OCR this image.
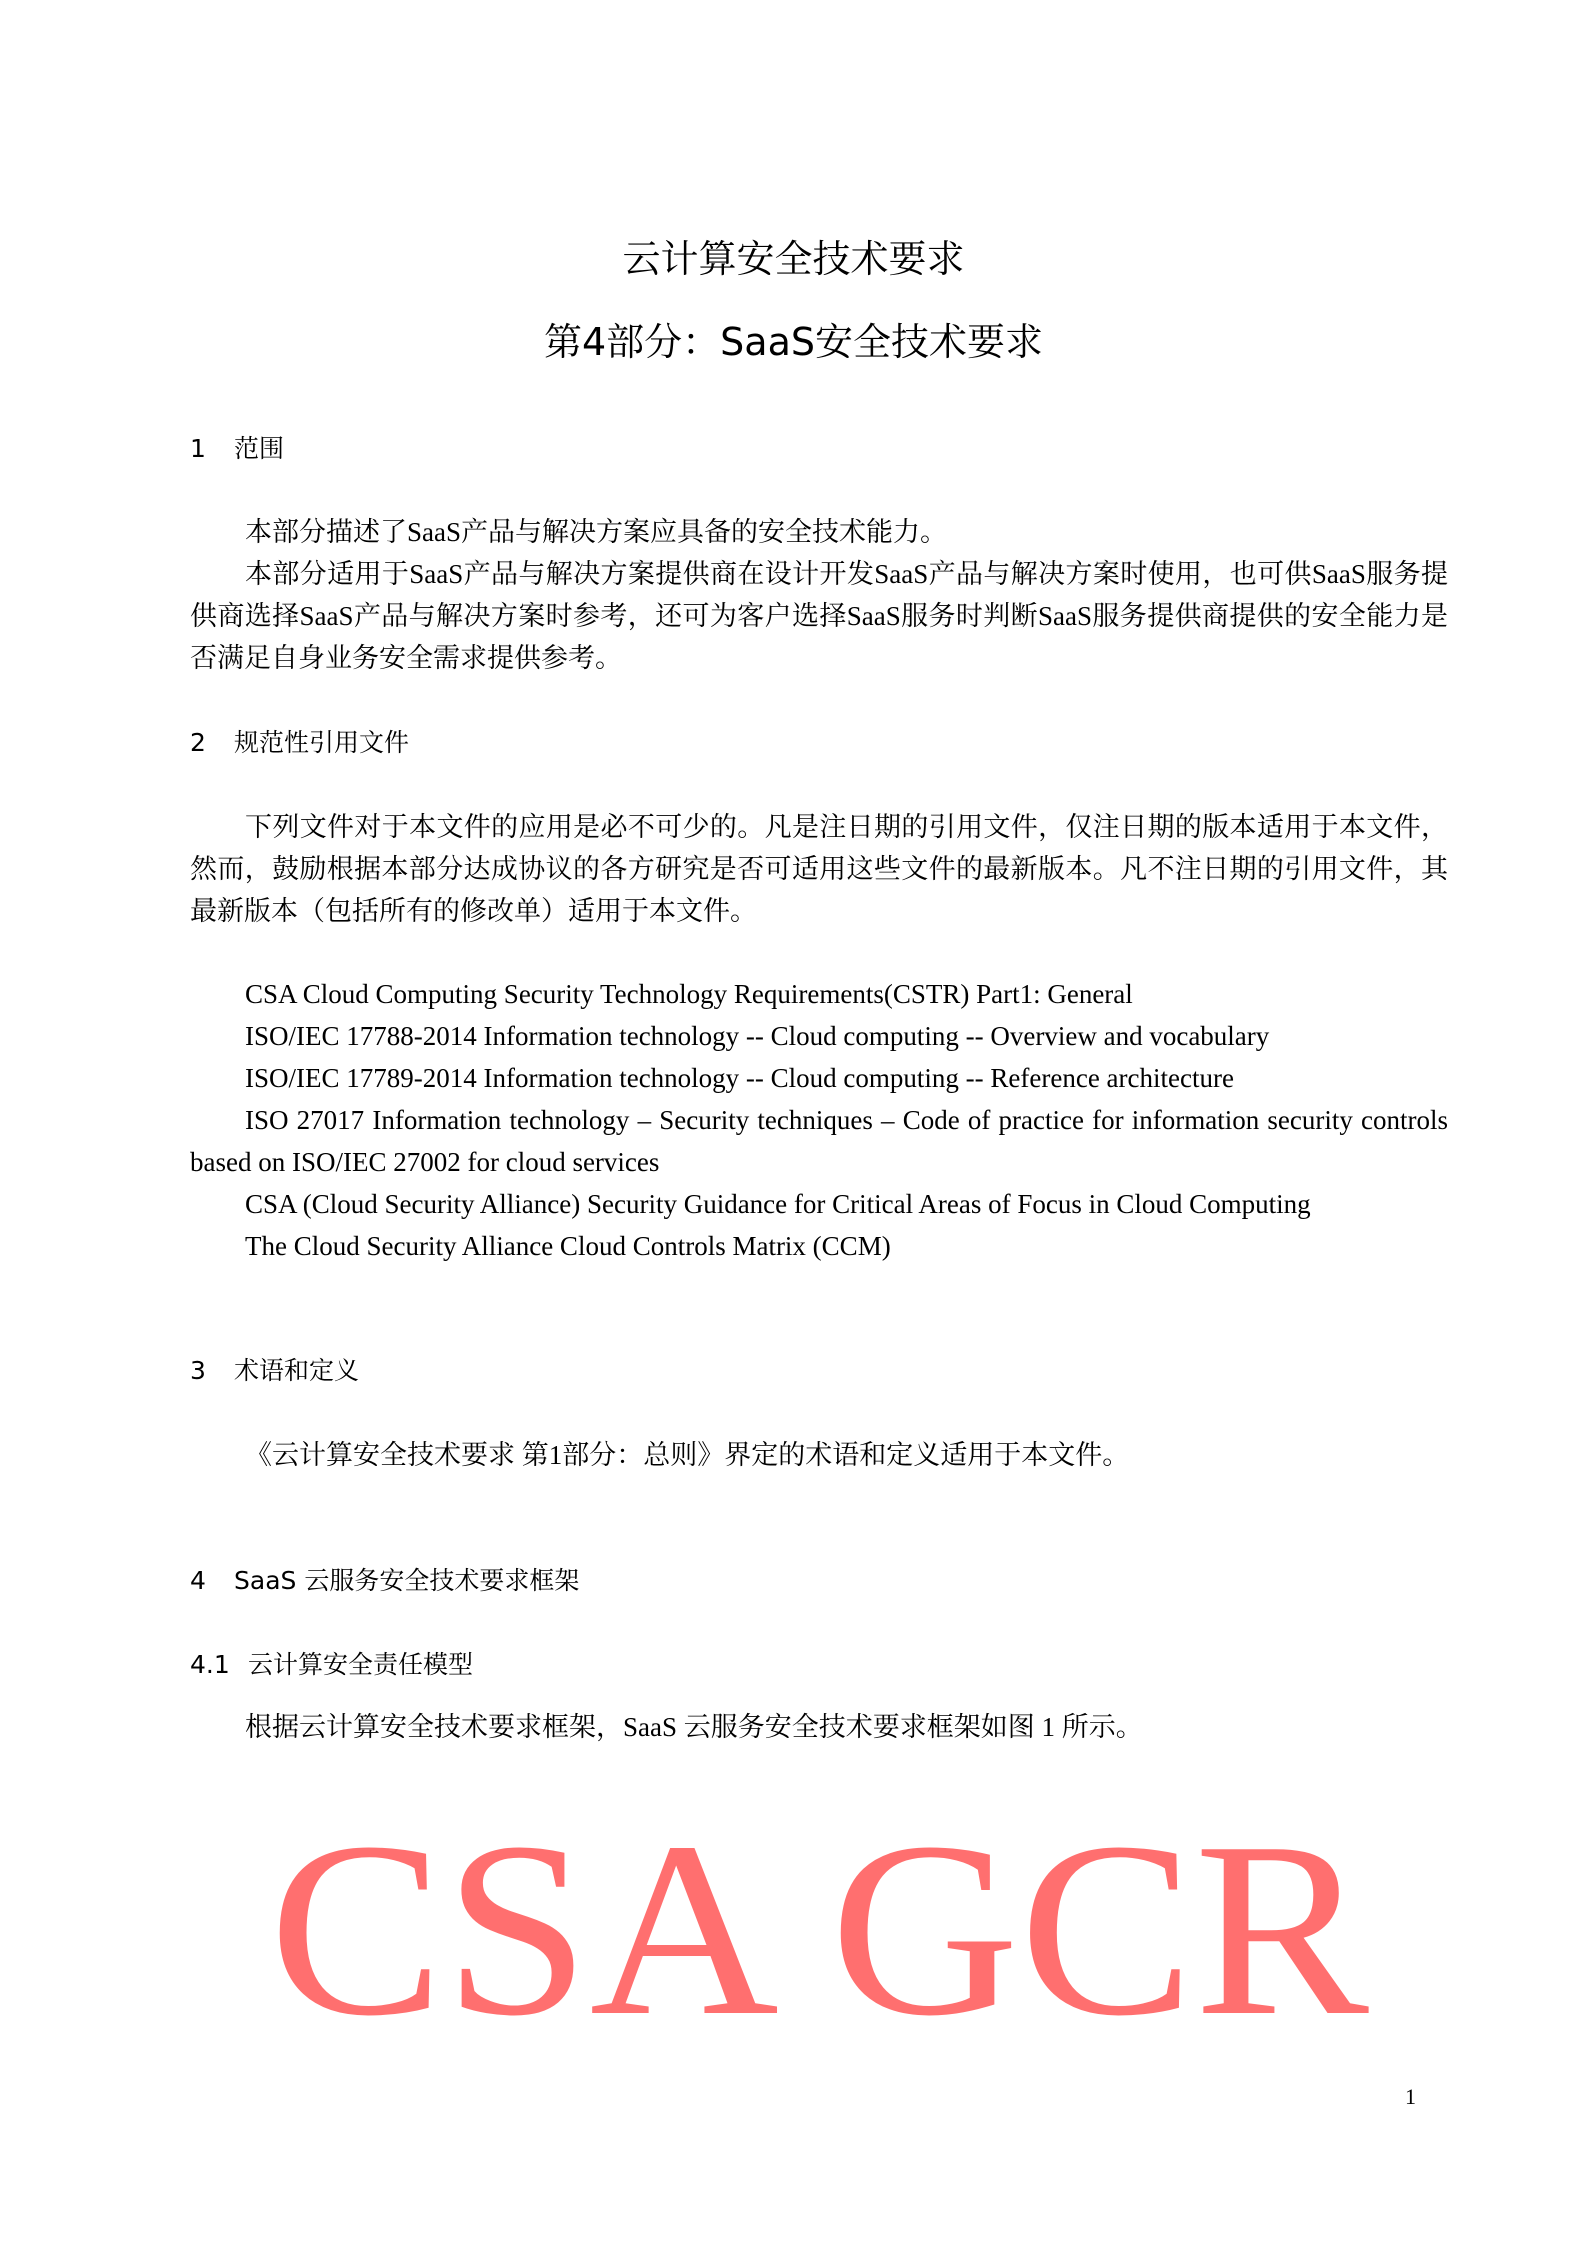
云计算安全技术要求
第4部分：SaaS安全技术要求
1 范围
本部分描述了SaaS产品与解决方案应具备的安全技术能力。
本部分适用于SaaS产品与解决方案提供商在设计开发SaaS产品与解决方案时使用，也可供SaaS服务提供商选择SaaS产品与解决方案时参考，还可为客户选择SaaS服务时判断SaaS服务提供商提供的安全能力是否满足自身业务安全需求提供参考。
2 规范性引用文件
下列文件对于本文件的应用是必不可少的。凡是注日期的引用文件，仅注日期的版本适用于本文件，然而，鼓励根据本部分达成协议的各方研究是否可适用这些文件的最新版本。凡不注日期的引用文件，其最新版本（包括所有的修改单）适用于本文件。
CSA Cloud Computing Security Technology Requirements(CSTR) Part1: General
ISO/IEC 17788-2014 Information technology -- Cloud computing -- Overview and vocabulary
ISO/IEC 17789-2014 Information technology -- Cloud computing -- Reference architecture
ISO 27017 Information technology – Security techniques – Code of practice for information security controls based on ISO/IEC 27002 for cloud services
CSA (Cloud Security Alliance) Security Guidance for Critical Areas of Focus in Cloud Computing
The Cloud Security Alliance Cloud Controls Matrix (CCM)
3 术语和定义
《云计算安全技术要求 第1部分：总则》界定的术语和定义适用于本文件。
4 SaaS 云服务安全技术要求框架
4.1 云计算安全责任模型
根据云计算安全技术要求框架，SaaS 云服务安全技术要求框架如图 1 所示。
CSA GCR
1
